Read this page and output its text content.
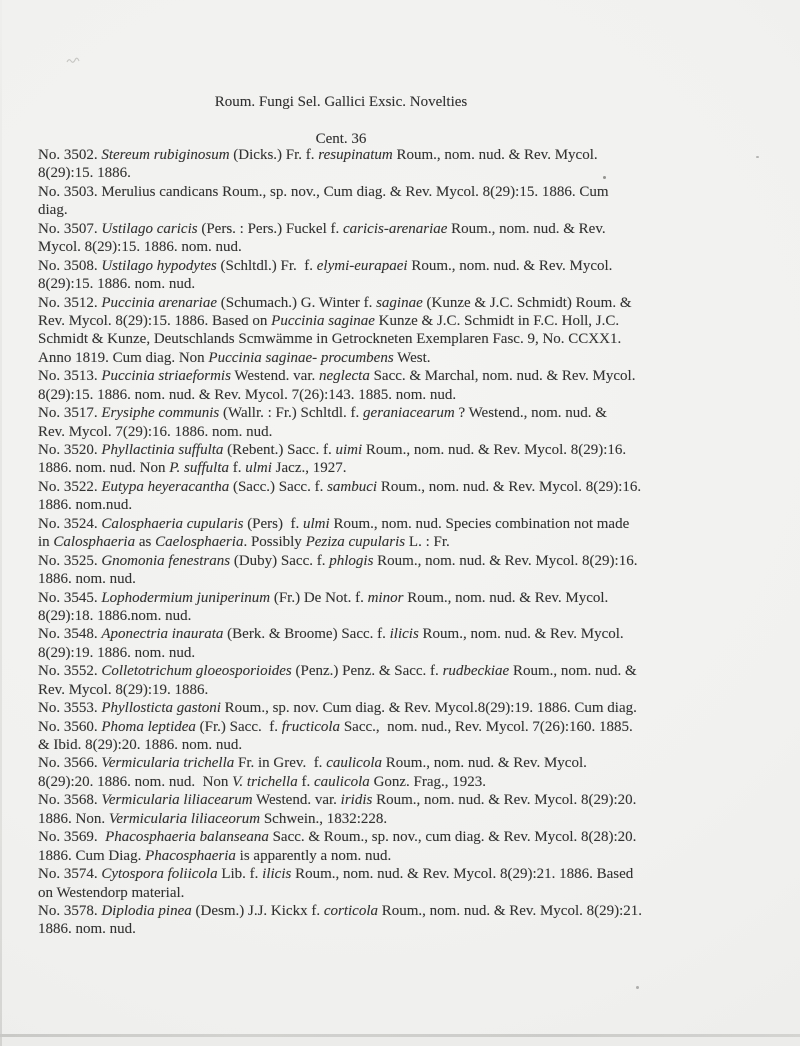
Roum. Fungi Sel. Gallici Exsic. Novelties
Cent. 36
No. 3502. Stereum rubiginosum (Dicks.) Fr. f. resupinatum Roum., nom. nud. & Rev. Mycol.
8(29):15. 1886.
No. 3503. Merulius candicans Roum., sp. nov., Cum diag. & Rev. Mycol. 8(29):15. 1886. Cum
diag.
No. 3507. Ustilago caricis (Pers. : Pers.) Fuckel f. caricis-arenariae Roum., nom. nud. & Rev.
Mycol. 8(29):15. 1886. nom. nud.
No. 3508. Ustilago hypodytes (Schltdl.) Fr.  f. elymi-eurapaei Roum., nom. nud. & Rev. Mycol.
8(29):15. 1886. nom. nud.
No. 3512. Puccinia arenariae (Schumach.) G. Winter f. saginae (Kunze & J.C. Schmidt) Roum. &
Rev. Mycol. 8(29):15. 1886. Based on Puccinia saginae Kunze & J.C. Schmidt in F.C. Holl, J.C.
Schmidt & Kunze, Deutschlands Scmwämme in Getrockneten Exemplaren Fasc. 9, No. CCXX1.
Anno 1819. Cum diag. Non Puccinia saginae- procumbens West.
No. 3513. Puccinia striaeformis Westend. var. neglecta Sacc. & Marchal, nom. nud. & Rev. Mycol.
8(29):15. 1886. nom. nud. & Rev. Mycol. 7(26):143. 1885. nom. nud.
No. 3517. Erysiphe communis (Wallr. : Fr.) Schltdl. f. geraniacearum ? Westend., nom. nud. &
Rev. Mycol. 7(29):16. 1886. nom. nud.
No. 3520. Phyllactinia suffulta (Rebent.) Sacc. f. uimi Roum., nom. nud. & Rev. Mycol. 8(29):16.
1886. nom. nud. Non P. suffulta f. ulmi Jacz., 1927.
No. 3522. Eutypa heyeracantha (Sacc.) Sacc. f. sambuci Roum., nom. nud. & Rev. Mycol. 8(29):16.
1886. nom.nud.
No. 3524. Calosphaeria cupularis (Pers)  f. ulmi Roum., nom. nud. Species combination not made
in Calosphaeria as Caelosphaeria. Possibly Peziza cupularis L. : Fr.
No. 3525. Gnomonia fenestrans (Duby) Sacc. f. phlogis Roum., nom. nud. & Rev. Mycol. 8(29):16.
1886. nom. nud.
No. 3545. Lophodermium juniperinum (Fr.) De Not. f. minor Roum., nom. nud. & Rev. Mycol.
8(29):18. 1886.nom. nud.
No. 3548. Aponectria inaurata (Berk. & Broome) Sacc. f. ilicis Roum., nom. nud. & Rev. Mycol.
8(29):19. 1886. nom. nud.
No. 3552. Colletotrichum gloeosporioides (Penz.) Penz. & Sacc. f. rudbeckiae Roum., nom. nud. &
Rev. Mycol. 8(29):19. 1886.
No. 3553. Phyllosticta gastoni Roum., sp. nov. Cum diag. & Rev. Mycol.8(29):19. 1886. Cum diag.
No. 3560. Phoma leptidea (Fr.) Sacc.  f. fructicola Sacc.,  nom. nud., Rev. Mycol. 7(26):160. 1885.
& Ibid. 8(29):20. 1886. nom. nud.
No. 3566. Vermicularia trichella Fr. in Grev.  f. caulicola Roum., nom. nud. & Rev. Mycol.
8(29):20. 1886. nom. nud.  Non V. trichella f. caulicola Gonz. Frag., 1923.
No. 3568. Vermicularia liliacearum Westend. var. iridis Roum., nom. nud. & Rev. Mycol. 8(29):20.
1886. Non. Vermicularia liliaceorum Schwein., 1832:228.
No. 3569.  Phacosphaeria balanseana Sacc. & Roum., sp. nov., cum diag. & Rev. Mycol. 8(28):20.
1886. Cum Diag. Phacosphaeria is apparently a nom. nud.
No. 3574. Cytospora foliicola Lib. f. ilicis Roum., nom. nud. & Rev. Mycol. 8(29):21. 1886. Based
on Westendorp material.
No. 3578. Diplodia pinea (Desm.) J.J. Kickx f. corticola Roum., nom. nud. & Rev. Mycol. 8(29):21.
1886. nom. nud.
